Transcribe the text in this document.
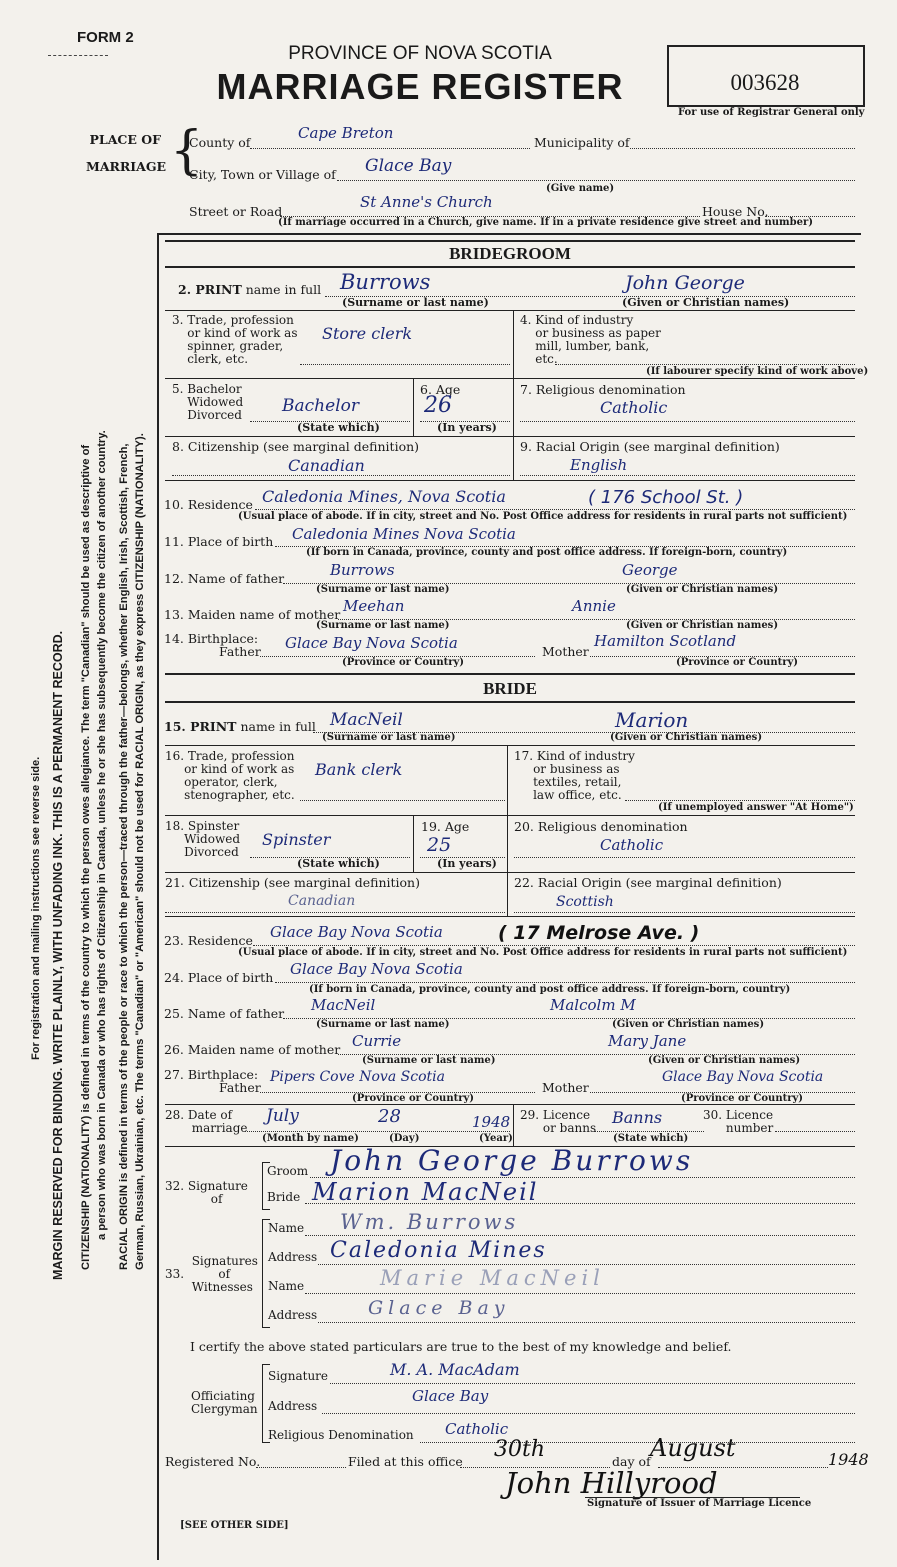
FORM 2
PROVINCE OF NOVA SCOTIA
MARRIAGE REGISTER	003628
For use of Registrar General only
PLACE OF
MARRIAGE {
County of
Cape Breton
Municipality of
City, Town or Village of Glace Bay
(Give name)
Street or Road
St Anne's Church
House No.
(If marriage occurred in a Church, give name. If in a private residence give street and number)
For registration and mailing instructions see reverse side. MARGIN RESERVED FOR BINDING. WRITE PLAINLY, WITH UNFADING INK. THIS IS A PERMANENT RECORD. CITIZENSHIP (NATIONALITY) is defined in terms of the country to which the person owes allegiance. The term "Canadian" should be used as descriptive of a person who was born in Canada or who has rights of Citizenship in Canada, unless he or she has subsequently become the citizen of another country. RACIAL ORIGIN is defined in terms of the people or race to which the person—traced through the father—belongs, whether English, Irish, Scottish, French, German, Russian, Ukrainian, etc. The terms "Canadian" or "American" should not be used for RACIAL ORIGIN, as they express CITIZENSHIP (NATIONALITY).
BRIDEGROOM
2. PRINT name in full Burrows	John George
(Surname or last name)	(Given or Christian names)
3. Trade, profession
or kind of work as
spinner, grader,
clerk, etc.
Store clerk
4. Kind of industry
or business as paper
mill, lumber, bank,
etc.
(If labourer specify kind of work above)
5. Bachelor
Widowed
Divorced Bachelor
(State which)
6. Age
26
(In years)
7. Religious denomination
Catholic
8. Citizenship (see marginal definition)
Canadian
9. Racial Origin (see marginal definition)
English
10. Residence Caledonia Mines, Nova Scotia	( 176 School St. )
(Usual place of abode. If in city, street and No. Post Office address for residents in rural parts not sufficient)
11. Place of birth Caledonia Mines Nova Scotia
(If born in Canada, province, county and post office address. If foreign-born, country)
12. Name of father	Burrows	George
(Surname or last name)	(Given or Christian names)
13. Maiden name of mother Meehan	Annie
(Surname or last name)	(Given or Christian names)
14. Birthplace:
Father Glace Bay Nova Scotia	Mother
Hamilton Scotland
(Province or Country)	(Province or Country)
BRIDE
15. PRINT name in full MacNeil	Marion
(Surname or last name)	(Given or Christian names)
16. Trade, profession
or kind of work as
operator, clerk,
stenographer, etc.
Bank clerk
17. Kind of industry
or business as
textiles, retail,
law office, etc.
(If unemployed answer "At Home")
18. Spinster
Widowed
Divorced
Spinster
(State which)
19. Age
25
(In years)
20. Religious denomination
Catholic
21. Citizenship (see marginal definition)
Canadian
22. Racial Origin (see marginal definition)
Scottish
23. Residence Glace Bay Nova Scotia	( 17 Melrose Ave. )
(Usual place of abode. If in city, street and No. Post Office address for residents in rural parts not sufficient)
24. Place of birth Glace Bay Nova Scotia
(If born in Canada, province, county and post office address. If foreign-born, country)
25. Name of father MacNeil	Malcolm M
(Surname or last name)	(Given or Christian names)
26. Maiden name of mother Currie	Mary Jane
(Surname or last name)	(Given or Christian names)
27. Birthplace:
Father
Pipers Cove Nova Scotia
Mother
Glace Bay Nova Scotia
(Province or Country)	(Province or Country)
28. Date of
marriage
July	28	1948
(Month by name)	(Day)	(Year)
29. Licence
or banns
Banns
(State which)
30. Licence
number
32. Signature
of
Groom John George Burrows
Bride Marion MacNeil
Signatures
33.         of
Witnesses
Name Wm. Burrows
Address Caledonia Mines
Name	Marie MacNeil
Address	Glace Bay
I certify the above stated particulars are true to the best of my knowledge and belief.
Officiating
Clergyman
Signature	M. A. MacAdam
Address
Glace Bay
Religious Denomination Catholic
Registered No.	Filed at this office 30th	day of August	1948
John Hillyrood
Signature of Issuer of Marriage Licence
[SEE OTHER SIDE]
